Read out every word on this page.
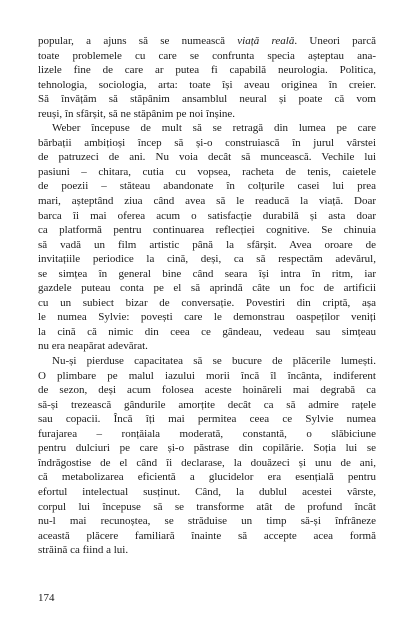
popular, a ajuns să se numească viață reală. Uneori parcă
toate problemele cu care se confrunta specia așteptau ana-
lizele fine de care ar putea fi capabilă neurologia. Politica,
tehnologia, sociologia, arta: toate își aveau originea în creier.
Să învățăm să stăpânim ansamblul neural și poate că vom
reuși, în sfârșit, să ne stăpânim pe noi înșine.
Weber începuse de mult să se retragă din lumea pe care
bărbații ambițioși încep să și-o construiască în jurul vârstei
de patruzeci de ani. Nu voia decât să muncească. Vechile lui
pasiuni – chitara, cutia cu vopsea, racheta de tenis, caietele
de poezii – stăteau abandonate în colțurile casei lui prea
mari, așteptând ziua când avea să le readucă la viață. Doar
barca îi mai oferea acum o satisfacție durabilă și asta doar
ca platformă pentru continuarea reflecției cognitive. Se chinuia
să vadă un film artistic până la sfârșit. Avea oroare de
invitațiile periodice la cină, deși, ca să respectăm adevărul,
se simțea în general bine când seara își intra în ritm, iar
gazdele puteau conta pe el să aprindă câte un foc de artificii
cu un subiect bizar de conversație. Povestiri din criptă, așa
le numea Sylvie: povești care le demonstrau oaspeților veniți
la cină că nimic din ceea ce gândeau, vedeau sau simțeau
nu era neapărat adevărat.
Nu-și pierduse capacitatea să se bucure de plăcerile lumești.
O plimbare pe malul iazului morii încă îl încânta, indiferent
de sezon, deși acum folosea aceste hoinăreli mai degrabă ca
să-și trezească gândurile amorțite decât ca să admire rațele
sau copacii. Încă îți mai permitea ceea ce Sylvie numea
furajarea – ronțăiala moderată, constantă, o slăbiciune
pentru dulciuri pe care și-o păstrase din copilărie. Soția lui se
îndrăgostise de el când îi declarase, la douăzeci și unu de ani,
că metabolizarea eficientă a glucidelor era esențială pentru
efortul intelectual susținut. Când, la dublul acestei vârste,
corpul lui începuse să se transforme atât de profund încât
nu-l mai recunoștea, se străduise un timp să-și înfrâneze
această plăcere familiară înainte să accepte acea formă
străină ca fiind a lui.
174
